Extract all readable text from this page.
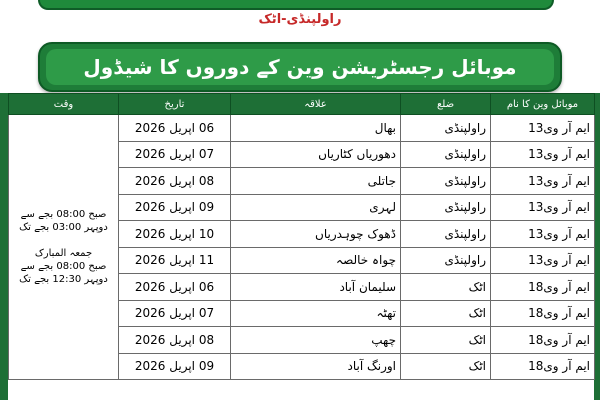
راولپنڈی-اٹک
موبائل رجسٹریشن وین کے دوروں کا شیڈول
موبائل وین کا نام	ضلع	علاقہ	تاریخ	وقت
ایم آر وی13	راولپنڈی	بھال	06 اپریل 2026	صبح 08:00 بجے سے دوپہر 03:00 بجے تک

جمعہ المبارک
صبح 08:00 بجے سے دوپہر 12:30 بجے تک

ایم آر وی13	راولپنڈی	دھوریاں کٹاریاں	07 اپریل 2026	
ایم آر وی13	راولپنڈی	جاتلی	08 اپریل 2026	
ایم آر وی13	راولپنڈی	لہری	09 اپریل 2026	
ایم آر وی13	راولپنڈی	ڈھوک چوہدریاں	10 اپریل 2026	
ایم آر وی13	راولپنڈی	چواہ خالصہ	11 اپریل 2026	
ایم آر وی18	اٹک	سلیمان آباد	06 اپریل 2026	
ایم آر وی18	اٹک	تھٹہ	07 اپریل 2026	
ایم آر وی18	اٹک	چھپ	08 اپریل 2026	
ایم آر وی18	اٹک	اورنگ آباد	09 اپریل 2026	
